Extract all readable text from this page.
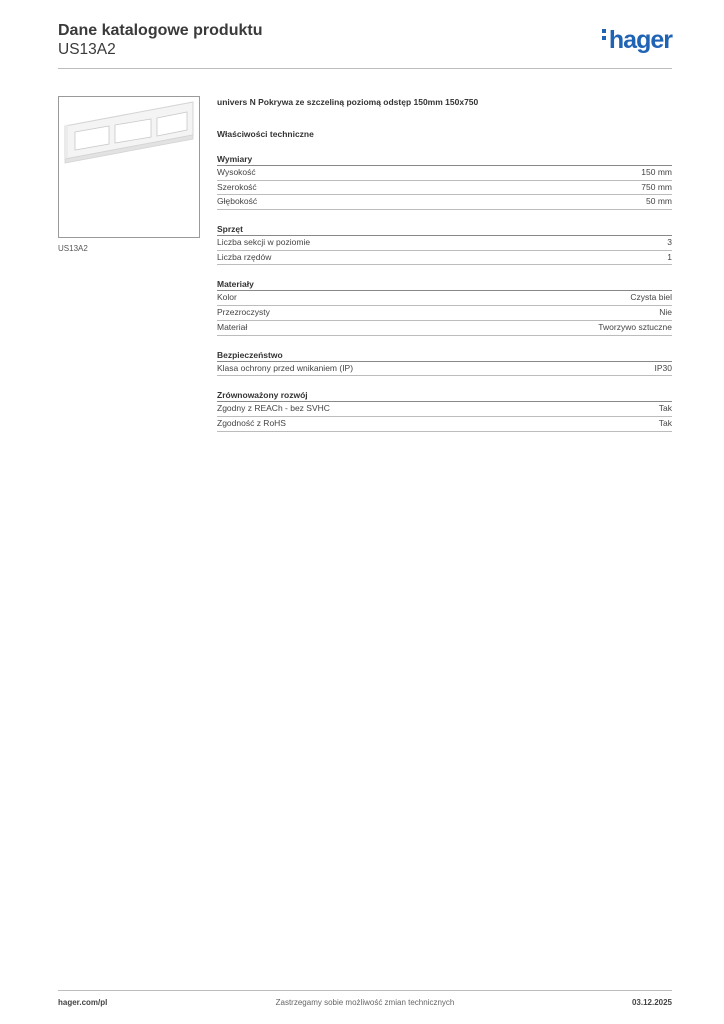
Dane katalogowe produktu
US13A2	hager
US13A2
univers N Pokrywa ze szczeliną poziomą odstęp 150mm 150x750
Właściwości techniczne
Wymiary
Wysokość	150 mm
Szerokość	750 mm
Głębokość	50 mm
Sprzęt
Liczba sekcji w poziomie	3
Liczba rzędów	1
Materiały
Kolor	Czysta biel
Przezroczysty	Nie
Materiał	Tworzywo sztuczne
Bezpieczeństwo
Klasa ochrony przed wnikaniem (IP)	IP30
Zrównoważony rozwój
Zgodny z REACh - bez SVHC	Tak
Zgodność z RoHS	Tak
hager.com/pl	Zastrzegamy sobie możliwość zmian technicznych	03.12.2025
